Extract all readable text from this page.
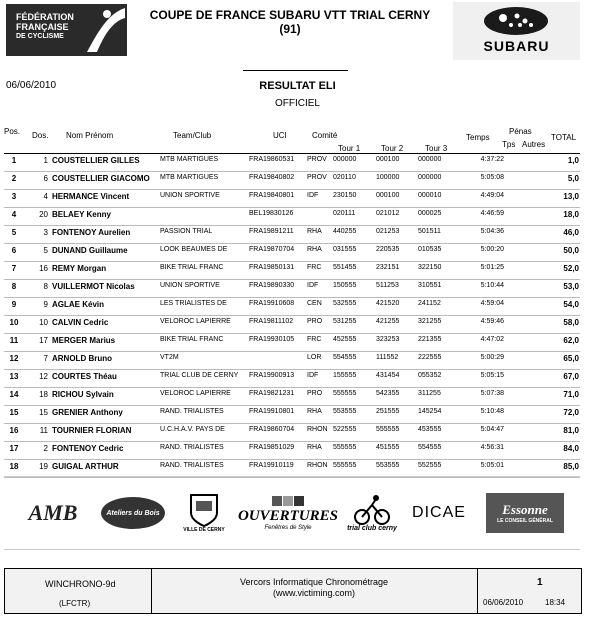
FÉDÉRATION
FRANÇAISE
DE CYCLISME
COUPE DE FRANCE SUBARU VTT TRIAL CERNY
(91)
SUBARU
06/06/2010	RESULTAT ELI
OFFICIEL
Pos. Dos. Nom Prénom	Team/Club	UCI	Comité
Tour 1	Tour 2	Tour 3
Temps
Pénas
Tps Autres
TOTAL
1	1 COUSTELLIER GILLES	MTB MARTIGUES	FRA19860531	PROV 000000	000100	000000	4:37:22	1,0
2	6 COUSTELLIER GIACOMO	MTB MARTIGUES	FRA19840802	PROV 020110	100000	000000	5:05:08	5,0
3	4 HERMANCE Vincent	UNION SPORTIVE	FRA19840801	IDF	230150	000100	000010	4:49:04	13,0
4	20 BELAEY Kenny	BEL19830126	020111	021012	000025	4:46:59	18,0
5	3 FONTENOY Aurelien	PASSION TRIAL	FRA19891211	RHA	440255	021253	501511	5:04:36	46,0
6	5 DUNAND Guillaume	LOOK BEAUMES DE	FRA19870704	RHA	031555	220535	010535	5:00:20	50,0
7	16 REMY Morgan	BIKE TRIAL FRANC	FRA19850131	FRC	551455	232151	322150	5:01:25	52,0
8	8 VUILLERMOT Nicolas	UNION SPORTIVE	FRA19890330	IDF	150555	511253	310551	5:10:44	53,0
9	9 AGLAE Kévin	LES TRIALISTES DE	FRA19910608	CEN	532555	421520	241152	4:59:04	54,0
10	10 CALVIN Cedric	VELOROC LAPIERRE	FRA19811102	PRO	531255	421255	321255	4:59:46	58,0
11	17 MERGER Marius	BIKE TRIAL FRANC	FRA19930105	FRC	452555	323253	221355	4:47:02	62,0
12	7 ARNOLD Bruno	VT2M	LOR	554555	111552	222555	5:00:29	65,0
13	12 COURTES Théau	TRIAL CLUB DE CERNY	FRA19900913	IDF	155555	431454	055352	5:05:15	67,0
14	18 RICHOU Sylvain	VELOROC LAPIERRE	FRA19821231	PRO	555555	542355	311255	5:07:38	71,0
15	15 GRENIER Anthony	RAND. TRIALISTES	FRA19910801	RHA	553555	251555	145254	5:10:48	72,0
16	11 TOURNIER FLORIAN	U.C.H.A.V. PAYS DE	FRA19860704	RHON 522555	555555	453555	5:04:47	81,0
17	2 FONTENOY Cedric	RAND. TRIALISTES	FRA19851029	RHA	555555	451555	554555	4:56:31	84,0
18	19 GUIGAL ARTHUR	RAND. TRIALISTES	FRA19910119	RHON 555555	553555	552555	5:05:01	85,0
AMB	Ateliers du Bois
VILLE DE CERNY
OUVERTURES
Fenêtres de Style	trial club cerny
DICAE	Essonne
LE CONSEIL GÉNÉRAL
WINCHRONO-9d
(LFCTR)
Vercors Informatique Chronométrage
(www.victiming.com)
1
06/06/2010	18:34
